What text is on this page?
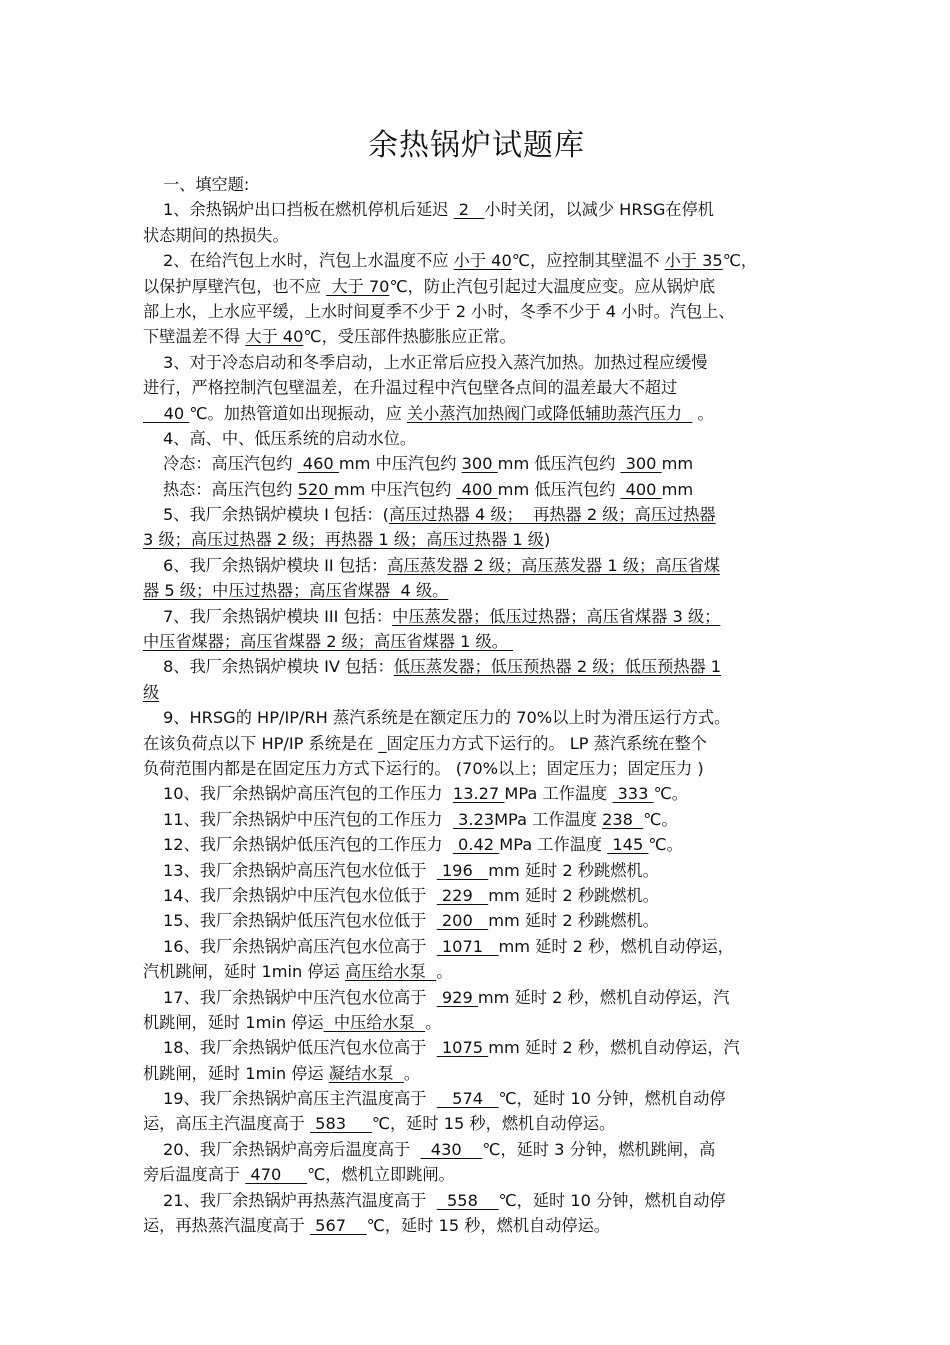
余热锅炉试题库
一、填空题:
1、余热锅炉出口挡板在燃机停机后延迟  2   小时关闭，以减少 HRSG在停机
状态期间的热损失。
2、在给汽包上水时，汽包上水温度不应 小于 40℃，应控制其壁温不 小于 35℃，
以保护厚壁汽包，也不应  大于 70℃，防止汽包引起过大温度应变。应从锅炉底
部上水，上水应平缓，上水时间夏季不少于 2 小时，冬季不少于 4 小时。汽包上、
下壁温差不得 大于 40℃，受压部件热膨胀应正常。
3、对于冷态启动和冬季启动，上水正常后应投入蒸汽加热。加热过程应缓慢
进行，严格控制汽包壁温差，在升温过程中汽包壁各点间的温差最大不超过
40 ℃。加热管道如出现振动，应 关小蒸汽加热阀门或降低辅助蒸汽压力   。
4、高、中、低压系统的启动水位。
冷态：高压汽包约  460 mm 中压汽包约 300 mm 低压汽包约  300 mm
热态：高压汽包约 520 mm 中压汽包约  400 mm 低压汽包约  400 mm
5、我厂余热锅炉模块 I 包括：(高压过热器 4 级；  再热器 2 级；高压过热器
3 级；高压过热器 2 级；再热器 1 级；高压过热器 1 级)
6、我厂余热锅炉模块 II 包括：高压蒸发器 2 级；高压蒸发器 1 级；高压省煤
器 5 级；中压过热器；高压省煤器  4 级。
7、我厂余热锅炉模块 III 包括：中压蒸发器；低压过热器；高压省煤器 3 级；
中压省煤器；高压省煤器 2 级；高压省煤器 1 级。
8、我厂余热锅炉模块 IV 包括：低压蒸发器；低压预热器 2 级；低压预热器 1
级
9、HRSG的 HP/IP/RH 蒸汽系统是在额定压力的 70%以上时为滑压运行方式。
在该负荷点以下 HP/IP 系统是在 _固定压力方式下运行的。 LP 蒸汽系统在整个
负荷范围内都是在固定压力方式下运行的。 (70%以上；固定压力；固定压力 )
10、我厂余热锅炉高压汽包的工作压力  13.27 MPa 工作温度  333 ℃。
11、我厂余热锅炉中压汽包的工作压力   3.23MPa 工作温度 238  ℃。
12、我厂余热锅炉低压汽包的工作压力   0.42 MPa 工作温度  145 ℃。
13、我厂余热锅炉高压汽包水位低于   196   mm 延时 2 秒跳燃机。
14、我厂余热锅炉中压汽包水位低于   229   mm 延时 2 秒跳燃机。
15、我厂余热锅炉低压汽包水位低于   200   mm 延时 2 秒跳燃机。
16、我厂余热锅炉高压汽包水位高于   1071   mm 延时 2 秒，燃机自动停运，
汽机跳闸，延时 1min 停运 高压给水泵  。
17、我厂余热锅炉中压汽包水位高于   929 mm 延时 2 秒，燃机自动停运，汽
机跳闸，延时 1min 停运  中压给水泵  。
18、我厂余热锅炉低压汽包水位高于   1075 mm 延时 2 秒，燃机自动停运，汽
机跳闸，延时 1min 停运 凝结水泵  。
19、我厂余热锅炉高压主汽温度高于     574   ℃，延时 10 分钟，燃机自动停
运，高压主汽温度高于  583     ℃，延时 15 秒，燃机自动停运。
20、我厂余热锅炉高旁后温度高于    430    ℃，延时 3 分钟，燃机跳闸，高
旁后温度高于  470     ℃，燃机立即跳闸。
21、我厂余热锅炉再热蒸汽温度高于    558    ℃，延时 10 分钟，燃机自动停
运，再热蒸汽温度高于  567    ℃，延时 15 秒，燃机自动停运。
